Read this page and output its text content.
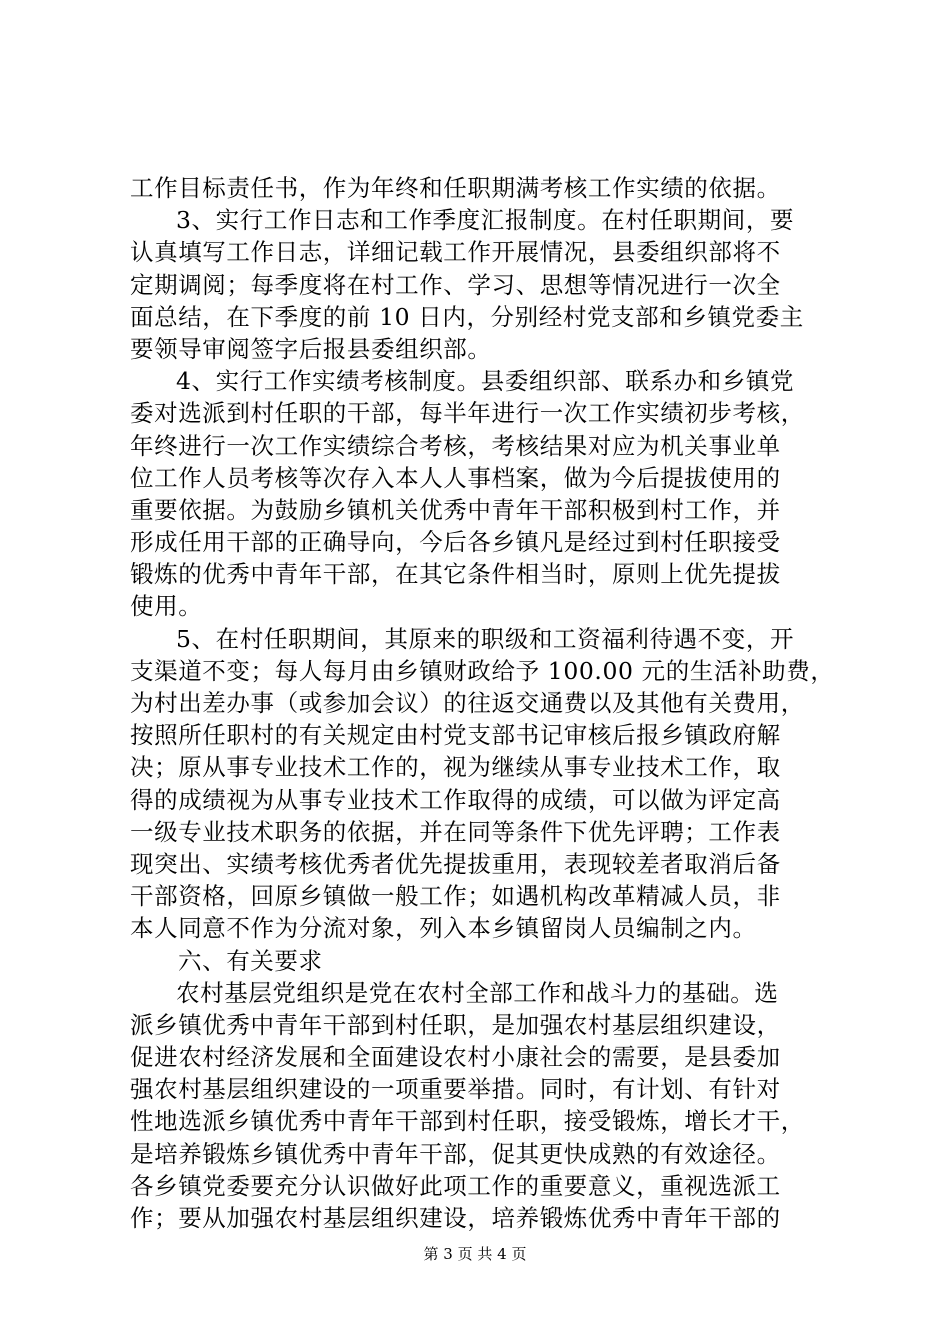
工作目标责任书，作为年终和任职期满考核工作实绩的依据。
3、实行工作日志和工作季度汇报制度。在村任职期间，要
认真填写工作日志，详细记载工作开展情况，县委组织部将不
定期调阅；每季度将在村工作、学习、思想等情况进行一次全
面总结，在下季度的前 10 日内，分别经村党支部和乡镇党委主
要领导审阅签字后报县委组织部。
4、实行工作实绩考核制度。县委组织部、联系办和乡镇党
委对选派到村任职的干部，每半年进行一次工作实绩初步考核，
年终进行一次工作实绩综合考核，考核结果对应为机关事业单
位工作人员考核等次存入本人人事档案，做为今后提拔使用的
重要依据。为鼓励乡镇机关优秀中青年干部积极到村工作，并
形成任用干部的正确导向，今后各乡镇凡是经过到村任职接受
锻炼的优秀中青年干部，在其它条件相当时，原则上优先提拔
使用。
5、在村任职期间，其原来的职级和工资福利待遇不变，开
支渠道不变；每人每月由乡镇财政给予 100.00 元的生活补助费，
为村出差办事（或参加会议）的往返交通费以及其他有关费用，
按照所任职村的有关规定由村党支部书记审核后报乡镇政府解
决；原从事专业技术工作的，视为继续从事专业技术工作，取
得的成绩视为从事专业技术工作取得的成绩，可以做为评定高
一级专业技术职务的依据，并在同等条件下优先评聘；工作表
现突出、实绩考核优秀者优先提拔重用，表现较差者取消后备
干部资格，回原乡镇做一般工作；如遇机构改革精减人员，非
本人同意不作为分流对象，列入本乡镇留岗人员编制之内。
六、有关要求
农村基层党组织是党在农村全部工作和战斗力的基础。选
派乡镇优秀中青年干部到村任职，是加强农村基层组织建设，
促进农村经济发展和全面建设农村小康社会的需要，是县委加
强农村基层组织建设的一项重要举措。同时，有计划、有针对
性地选派乡镇优秀中青年干部到村任职，接受锻炼，增长才干，
是培养锻炼乡镇优秀中青年干部，促其更快成熟的有效途径。
各乡镇党委要充分认识做好此项工作的重要意义，重视选派工
作；要从加强农村基层组织建设，培养锻炼优秀中青年干部的
第 3 页 共 4 页
